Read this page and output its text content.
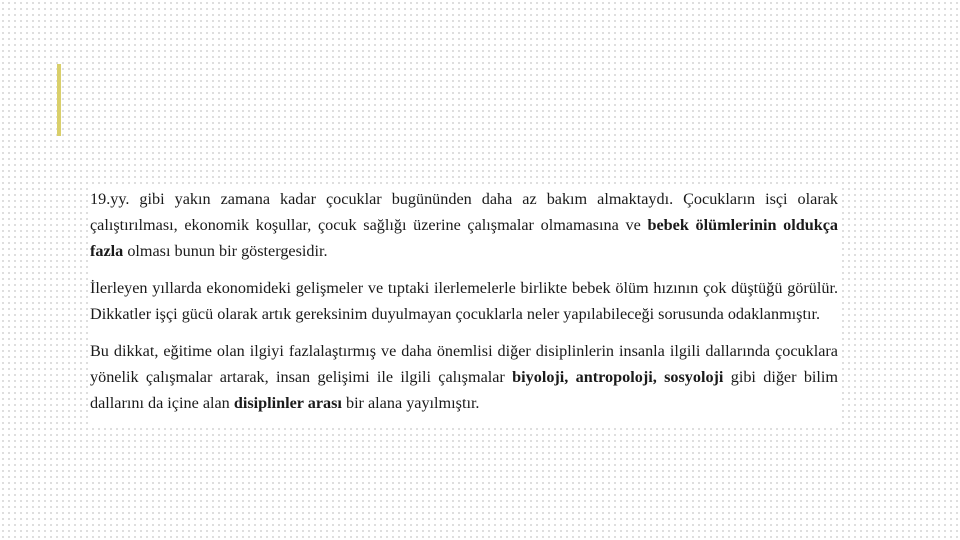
19.yy. gibi yakın zamana kadar çocuklar bugününden daha az bakım almaktaydı. Çocukların isçi olarak çalıştırılması, ekonomik koşullar, çocuk sağlığı üzerine çalışmalar olmamasına ve bebek ölümlerinin oldukça fazla olması bunun bir göstergesidir.

İlerleyen yıllarda ekonomideki gelişmeler ve tıptaki ilerlemelerle birlikte bebek ölüm hızının çok düştüğü görülür. Dikkatler işçi gücü olarak artık gereksinim duyulmayan çocuklarla neler yapılabileceği sorusunda odaklanmıştır.

Bu dikkat, eğitime olan ilgiyi fazlalaştırmış ve daha önemlisi diğer disiplinlerin insanla ilgili dallarında çocuklara yönelik çalışmalar artarak, insan gelişimi ile ilgili çalışmalar biyoloji, antropoloji, sosyoloji gibi diğer bilim dallarını da içine alan disiplinler arası bir alana yayılmıştır.
